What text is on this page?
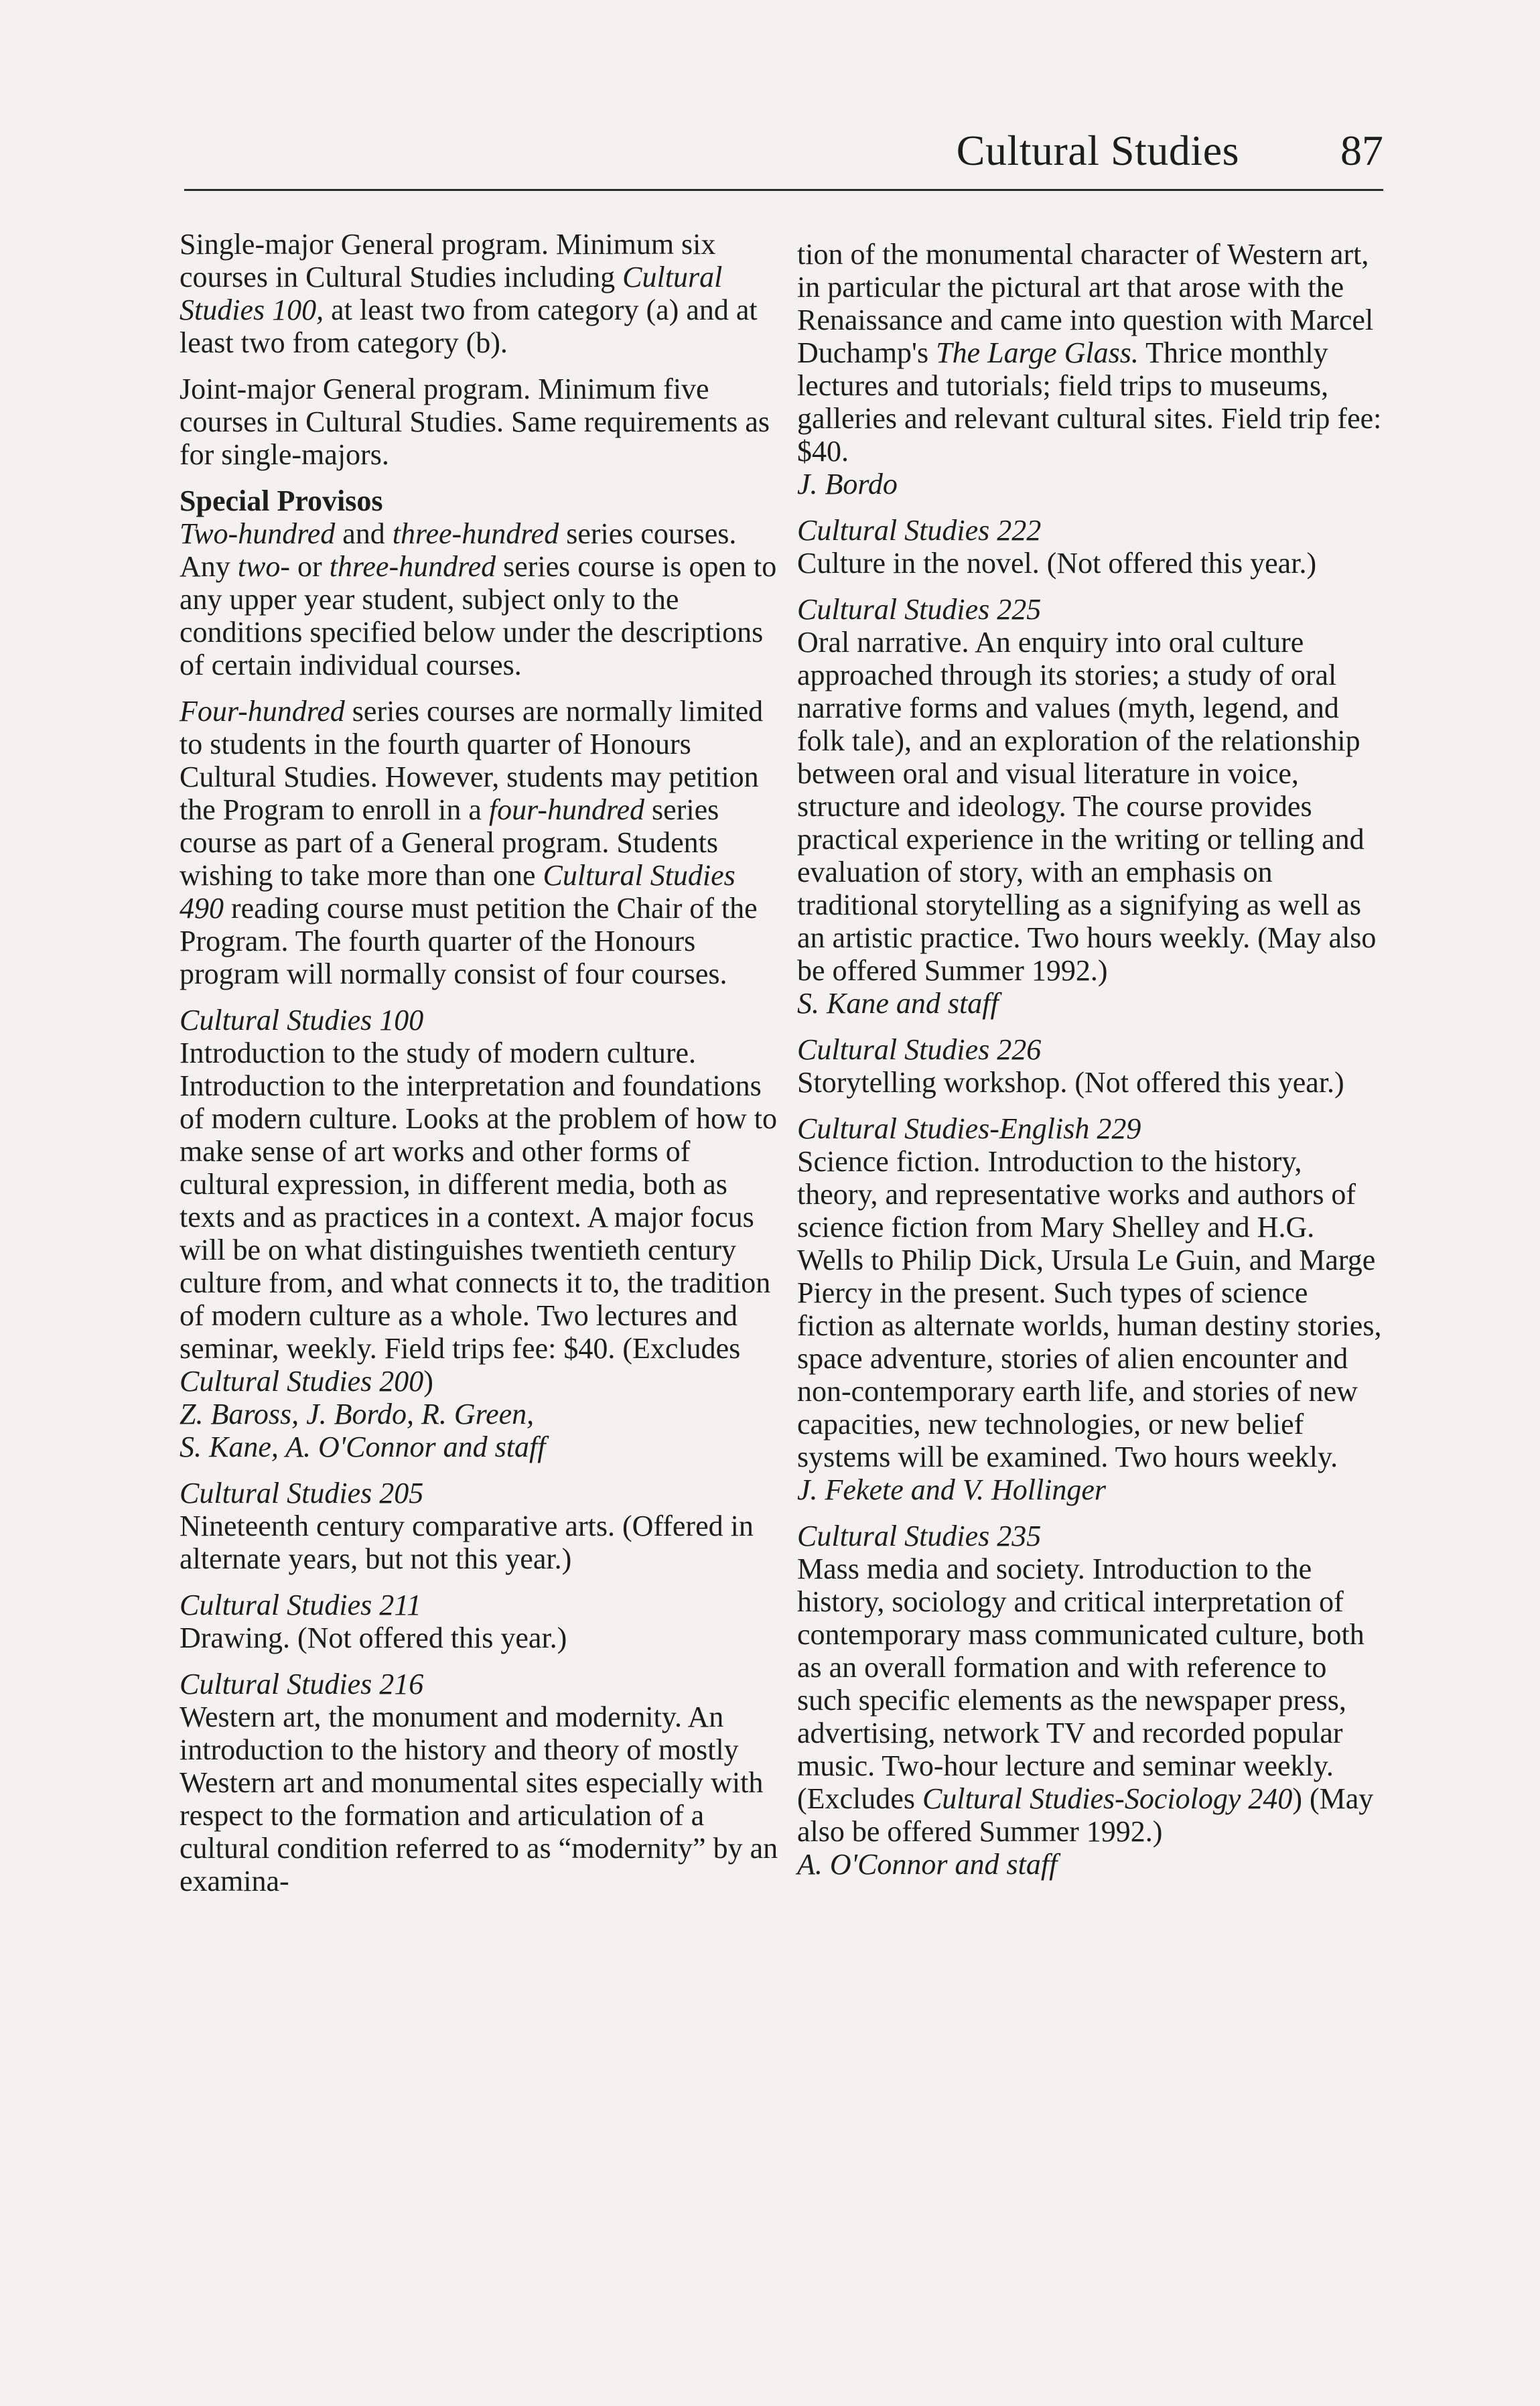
Cultural Studies 87
Single-major General program. Minimum six courses in Cultural Studies including Cultural Studies 100, at least two from category (a) and at least two from category (b).
Joint-major General program. Minimum five courses in Cultural Studies. Same requirements as for single-majors.
Special Provisos
Two-hundred and three-hundred series courses.
Any two- or three-hundred series course is open to any upper year student, subject only to the conditions specified below under the descriptions of certain individual courses.
Four-hundred series courses are normally limited to students in the fourth quarter of Honours Cultural Studies. However, students may petition the Program to enroll in a four-hundred series course as part of a General program. Students wishing to take more than one Cultural Studies 490 reading course must petition the Chair of the Program. The fourth quarter of the Honours program will normally consist of four courses.
Cultural Studies 100
Introduction to the study of modern culture. Introduction to the interpretation and foundations of modern culture. Looks at the problem of how to make sense of art works and other forms of cultural expression, in different media, both as texts and as practices in a context. A major focus will be on what distinguishes twentieth century culture from, and what connects it to, the tradition of modern culture as a whole. Two lectures and seminar, weekly. Field trips fee: $40. (Excludes Cultural Studies 200)
Z. Baross, J. Bordo, R. Green,
S. Kane, A. O'Connor and staff
Cultural Studies 205
Nineteenth century comparative arts. (Offered in alternate years, but not this year.)
Cultural Studies 211
Drawing. (Not offered this year.)
Cultural Studies 216
Western art, the monument and modernity. An introduction to the history and theory of mostly Western art and monumental sites especially with respect to the formation and articulation of a cultural condition referred to as “modernity” by an examina-
tion of the monumental character of Western art, in particular the pictural art that arose with the Renaissance and came into question with Marcel Duchamp's The Large Glass. Thrice monthly lectures and tutorials; field trips to museums, galleries and relevant cultural sites. Field trip fee: $40.
J. Bordo
Cultural Studies 222
Culture in the novel. (Not offered this year.)
Cultural Studies 225
Oral narrative. An enquiry into oral culture approached through its stories; a study of oral narrative forms and values (myth, legend, and folk tale), and an exploration of the relationship between oral and visual literature in voice, structure and ideology. The course provides practical experience in the writing or telling and evaluation of story, with an emphasis on traditional storytelling as a signifying as well as an artistic practice. Two hours weekly. (May also be offered Summer 1992.)
S. Kane and staff
Cultural Studies 226
Storytelling workshop. (Not offered this year.)
Cultural Studies-English 229
Science fiction. Introduction to the history, theory, and representative works and authors of science fiction from Mary Shelley and H.G. Wells to Philip Dick, Ursula Le Guin, and Marge Piercy in the present. Such types of science fiction as alternate worlds, human destiny stories, space adventure, stories of alien encounter and non-contemporary earth life, and stories of new capacities, new technologies, or new belief systems will be examined. Two hours weekly.
J. Fekete and V. Hollinger
Cultural Studies 235
Mass media and society. Introduction to the history, sociology and critical interpretation of contemporary mass communicated culture, both as an overall formation and with reference to such specific elements as the newspaper press, advertising, network TV and recorded popular music. Two-hour lecture and seminar weekly. (Excludes Cultural Studies-Sociology 240) (May also be offered Summer 1992.)
A. O'Connor and staff
